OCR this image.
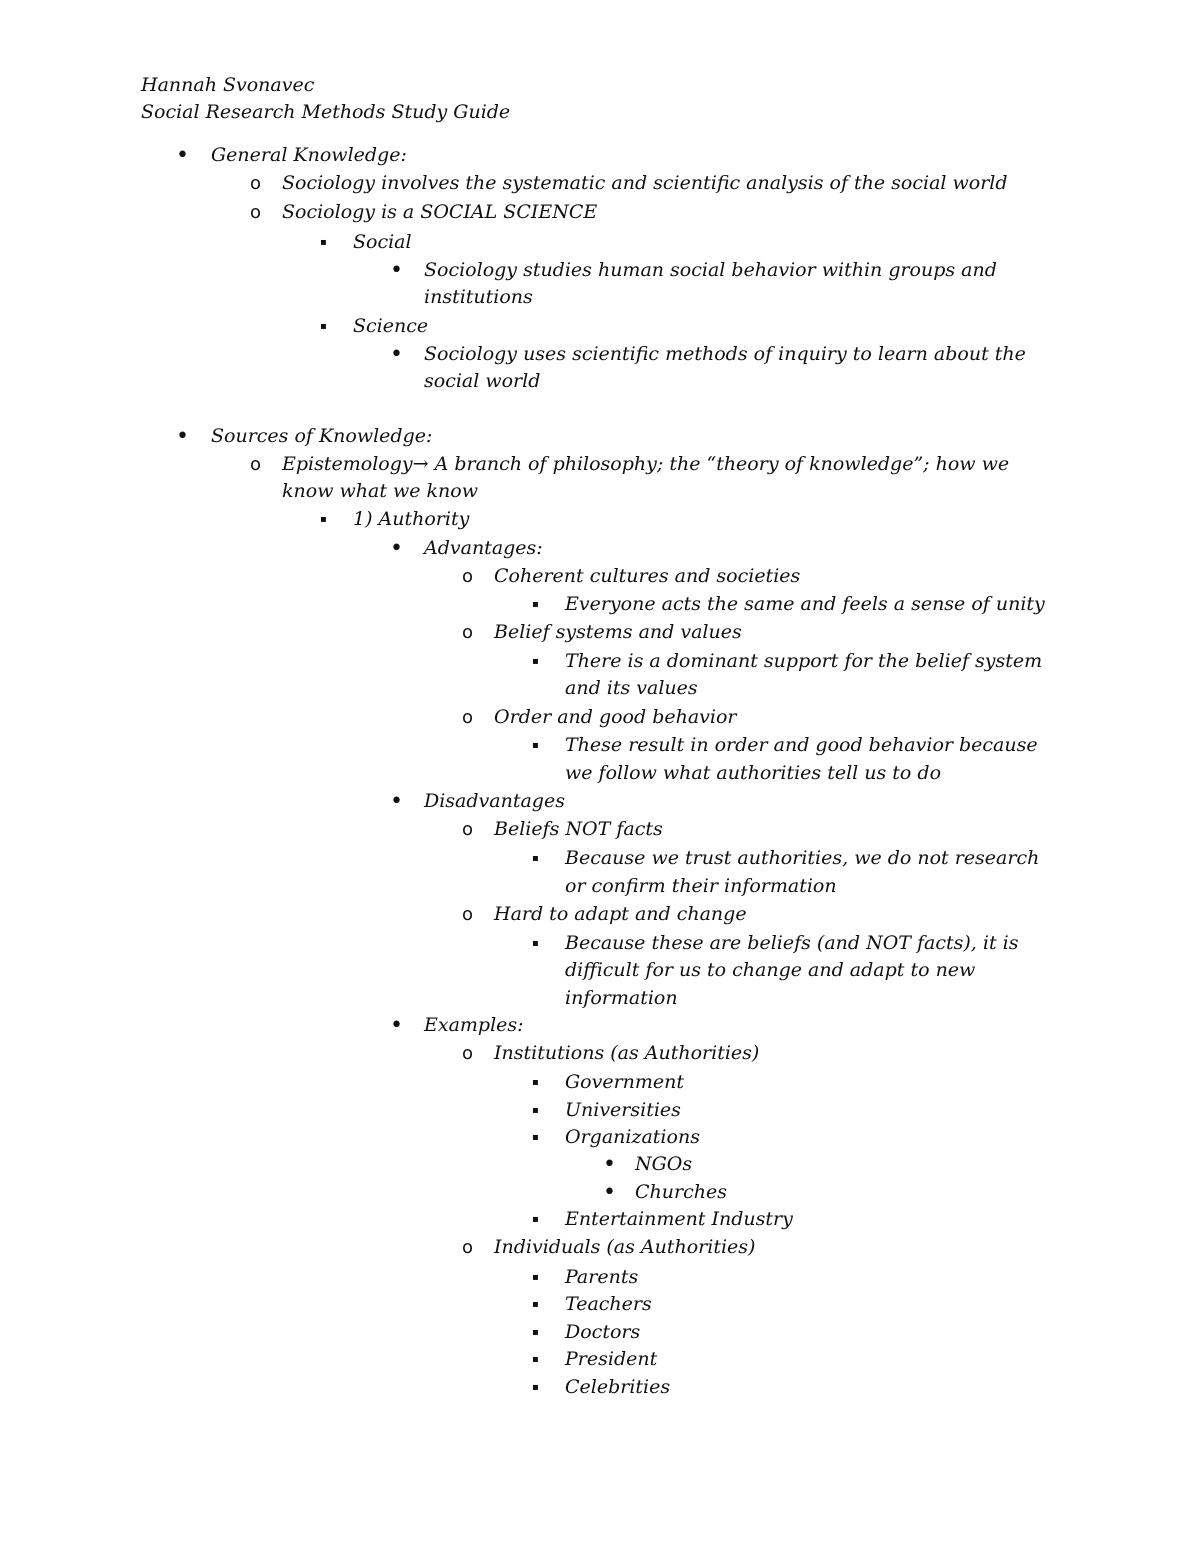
Hannah Svonavec
Social Research Methods Study Guide
• General Knowledge:
o Sociology involves the systematic and scientific analysis of the social world
o Sociology is a SOCIAL SCIENCE
▪ Social
• Sociology studies human social behavior within groups and
institutions
▪ Science
• Sociology uses scientific methods of inquiry to learn about the
social world
• Sources of Knowledge:
o Epistemology→ A branch of philosophy; the “theory of knowledge”; how we
know what we know
▪ 1) Authority
• Advantages:
o Coherent cultures and societies
▪ Everyone acts the same and feels a sense of unity
o Belief systems and values
▪ There is a dominant support for the belief system
and its values
o Order and good behavior
▪ These result in order and good behavior because
we follow what authorities tell us to do
• Disadvantages
o Beliefs NOT facts
▪ Because we trust authorities, we do not research
or confirm their information
o Hard to adapt and change
▪ Because these are beliefs (and NOT facts), it is
difficult for us to change and adapt to new
information
• Examples:
o Institutions (as Authorities)
▪ Government
▪ Universities
▪ Organizations
• NGOs
• Churches
▪ Entertainment Industry
o Individuals (as Authorities)
▪ Parents
▪ Teachers
▪ Doctors
▪ President
▪ Celebrities
